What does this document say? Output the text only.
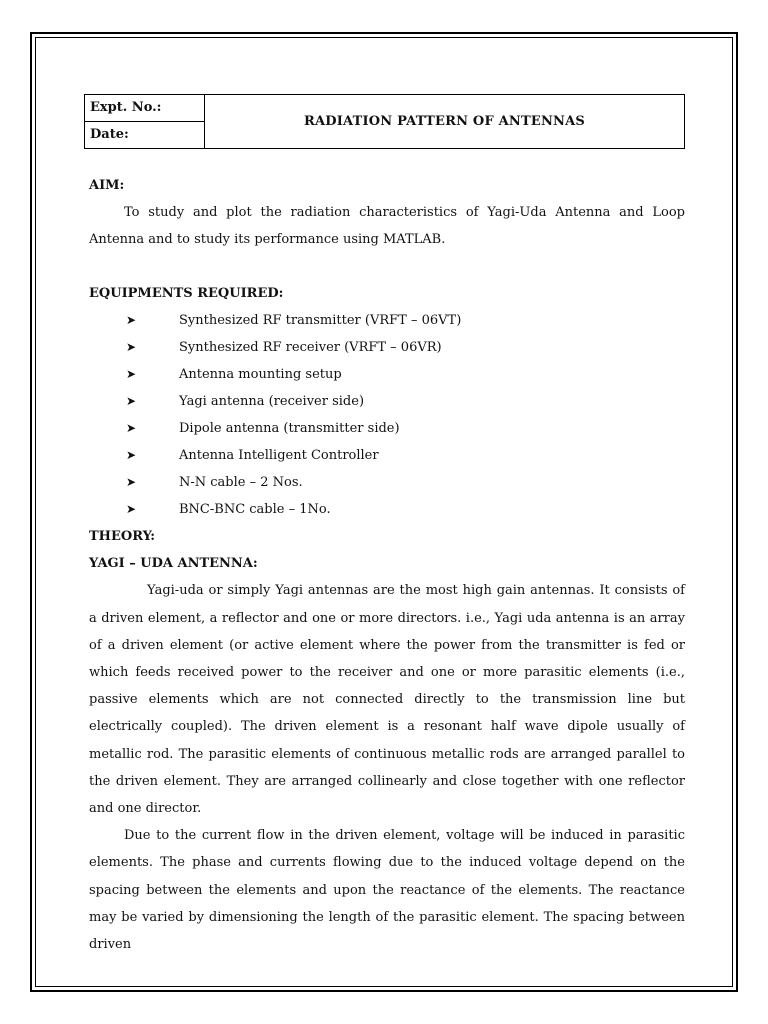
Expt. No.:
Date:
RADIATION PATTERN OF ANTENNAS
AIM:

To study and plot the radiation characteristics of Yagi-Uda Antenna and Loop Antenna and to study its performance using MATLAB.

EQUIPMENTS REQUIRED:
➤	Synthesized RF transmitter (VRFT – 06VT)
➤	Synthesized RF receiver (VRFT – 06VR)
➤	Antenna mounting setup
➤	Yagi antenna (receiver side)
➤	Dipole antenna (transmitter side)
➤	Antenna Intelligent Controller
➤	N-N cable – 2 Nos.
➤	BNC-BNC cable – 1No.
THEORY:
YAGI – UDA ANTENNA:

Yagi-uda or simply Yagi antennas are the most high gain antennas. It consists of a driven element, a reflector and one or more directors. i.e., Yagi uda antenna is an array of a driven element (or active element where the power from the transmitter is fed or which feeds received power to the receiver and one or more parasitic elements (i.e., passive elements which are not connected directly to the transmission line but electrically coupled). The driven element is a resonant half wave dipole usually of metallic rod. The parasitic elements of continuous metallic rods are arranged parallel to the driven element. They are arranged collinearly and close together with one reflector and one director.

Due to the current flow in the driven element, voltage will be induced in parasitic elements. The phase and currents flowing due to the induced voltage depend on the spacing between the elements and upon the reactance of the elements. The reactance may be varied by dimensioning the length of the parasitic element. The spacing between driven
